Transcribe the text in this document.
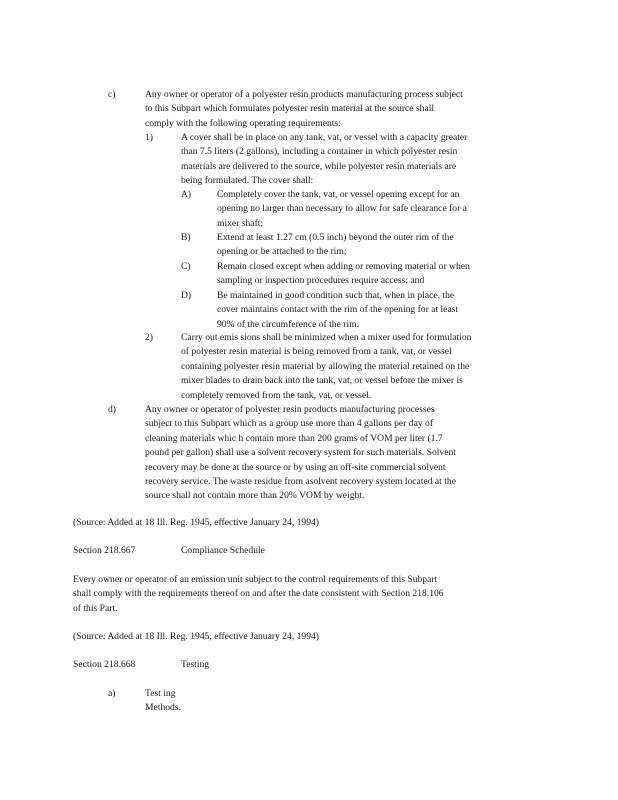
c)	Any owner or operator of a polyester resin products manufacturing process subject
to this Subpart which formulates polyester resin material at the source shall
comply with the following operating requirements:
1)	A cover shall be in place on any tank, vat, or vessel with a capacity greater
than 7.5 liters (2 gallons), including a container in which polyester resin
materials are delivered to the source, while polyester resin materials are
being formulated. The cover shall:
A)	Completely cover the tank, vat, or vessel opening except for an
opening no larger than necessary to allow for safe clearance for a
mixer shaft;
B)	Extend at least 1.27 cm (0.5 inch) beyond the outer rim of the
opening or be attached to the rim;
C)	Remain closed except when adding or removing material or when
sampling or inspection procedures require access; and
D)	Be maintained in good condition such that, when in place, the
cover maintains contact with the rim of the opening for at least
90% of the circumference of the rim.
2)	Carry out emis sions shall be minimized when a mixer used for formulation
of polyester resin material is being removed from a tank, vat, or vessel
containing polyester resin material by allowing the material retained on the
mixer blades to drain back into the tank, vat, or vessel before the mixer is
completely removed from the tank, vat, or vessel.
d)	Any owner or operator of polyester resin products manufacturing processes
subject to this Subpart which as a group use more than 4 gallons per day of
cleaning materials whic h contain more than 200 grams of VOM per liter (1.7
pound per gallon) shall use a solvent recovery system for such materials. Solvent
recovery may be done at the source or by using an off-site commercial solvent
recovery service. The waste residue from asolvent recovery system located at the
source shall not contain more than 20% VOM by weight.
(Source: Added at 18 Ill. Reg. 1945, effective January 24, 1994)
Section 218.667	Compliance Schedule
Every owner or operator of an emission unit subject to the control requirements of this Subpart
shall comply with the requirements thereof on and after the date consistent with Section 218.106
of this Part.
(Source: Added at 18 Ill. Reg. 1945, effective January 24, 1994)
Section 218.668	Testing
a)	Test ing Methods.
